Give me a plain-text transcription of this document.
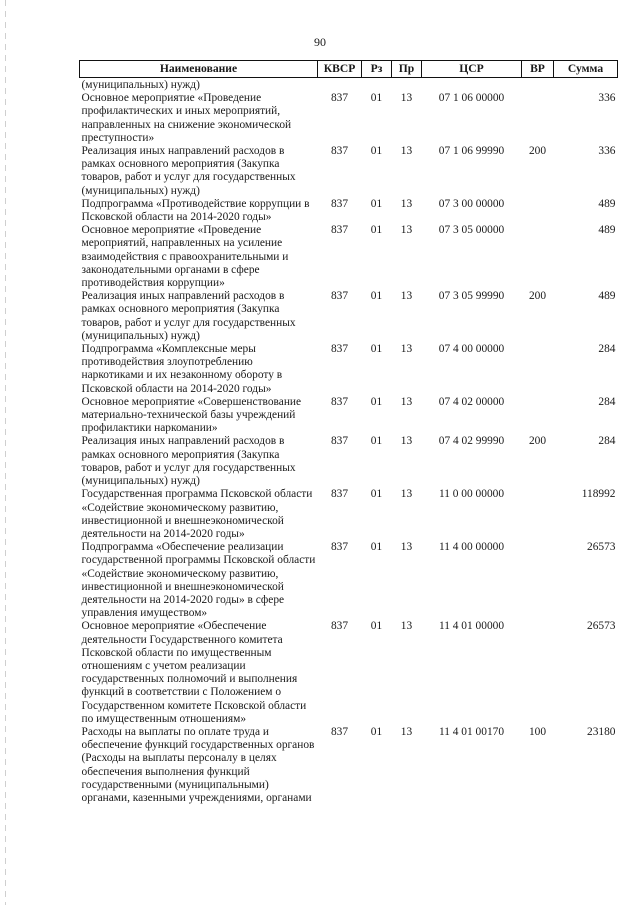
90
Наименование	КВСР	Рз	Пр	ЦСР	ВР	Сумма
(муниципальных) нужд)						
Основное мероприятие «Проведение профилактических и иных мероприятий, направленных на снижение экономической преступности»	837	01	13	07 1 06 00000		336
Реализация иных направлений расходов в рамках основного мероприятия (Закупка товаров, работ и услуг для государственных (муниципальных) нужд)	837	01	13	07 1 06 99990	200	336
Подпрограмма «Противодействие коррупции в Псковской области на 2014-2020 годы»	837	01	13	07 3 00 00000		489
Основное мероприятие «Проведение мероприятий, направленных на усиление взаимодействия с правоохранительными и законодательными органами в сфере противодействия коррупции»	837	01	13	07 3 05 00000		489
Реализация иных направлений расходов в рамках основного мероприятия (Закупка товаров, работ и услуг для государственных (муниципальных) нужд)	837	01	13	07 3 05 99990	200	489
Подпрограмма «Комплексные меры противодействия злоупотреблению наркотиками и их незаконному обороту в Псковской области на 2014-2020 годы»	837	01	13	07 4 00 00000		284
Основное мероприятие «Совершенствование материально-технической базы учреждений профилактики наркомании»	837	01	13	07 4 02 00000		284
Реализация иных направлений расходов в рамках основного мероприятия (Закупка товаров, работ и услуг для государственных (муниципальных) нужд)	837	01	13	07 4 02 99990	200	284
Государственная программа Псковской области «Содействие экономическому развитию, инвестиционной и внешнеэкономической деятельности на 2014-2020 годы»	837	01	13	11 0 00 00000		118992
Подпрограмма «Обеспечение реализации государственной программы Псковской области «Содействие экономическому развитию, инвестиционной и внешнеэкономической деятельности на 2014-2020 годы» в сфере управления имуществом»	837	01	13	11 4 00 00000		26573
Основное мероприятие «Обеспечение деятельности Государственного комитета Псковской области по имущественным отношениям с учетом реализации государственных полномочий и выполнения функций в соответствии с Положением о Государственном комитете Псковской области по имущественным отношениям»	837	01	13	11 4 01 00000		26573
Расходы на выплаты по оплате труда и обеспечение функций государственных органов (Расходы на выплаты персоналу в целях обеспечения выполнения функций государственными (муниципальными) органами, казенными учреждениями, органами	837	01	13	11 4 01 00170	100	23180
